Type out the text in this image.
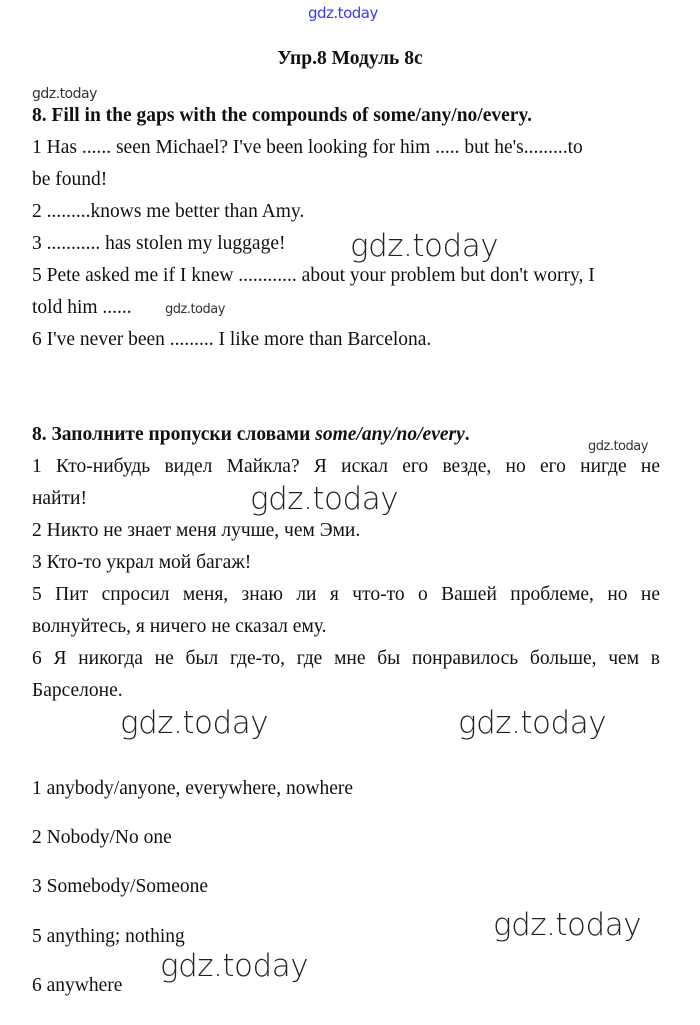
gdz.today
Упр.8 Модуль 8c
gdz.today
8. Fill in the gaps with the compounds of some/any/no/every.
1 Has ...... seen Michael? I've been looking for him ..... but he's.........to
be found!
2 .........knows me better than Amy.
3 ........... has stolen my luggage!
5 Pete asked me if I knew ............ about your problem but don't worry, I
told him ......
6 I've never been ......... I like more than Barcelona.
gdz.today
gdz.today
8. Заполните пропуски словами some/any/no/every.
gdz.today
1 Кто-нибудь видел Майкла? Я искал его везде, но его нигде не
найти!
2 Никто не знает меня лучше, чем Эми.
3 Кто-то украл мой багаж!
5 Пит спросил меня, знаю ли я что-то о Вашей проблеме, но не
волнуйтесь, я ничего не сказал ему.
6 Я никогда не был где-то, где мне бы понравилось больше, чем в
Барселоне.
gdz.today
gdz.today	gdz.today
1 anybody/anyone, everywhere, nowhere
2 Nobody/No one
3 Somebody/Someone
5 anything; nothing
6 anywhere
gdz.today
gdz.today
